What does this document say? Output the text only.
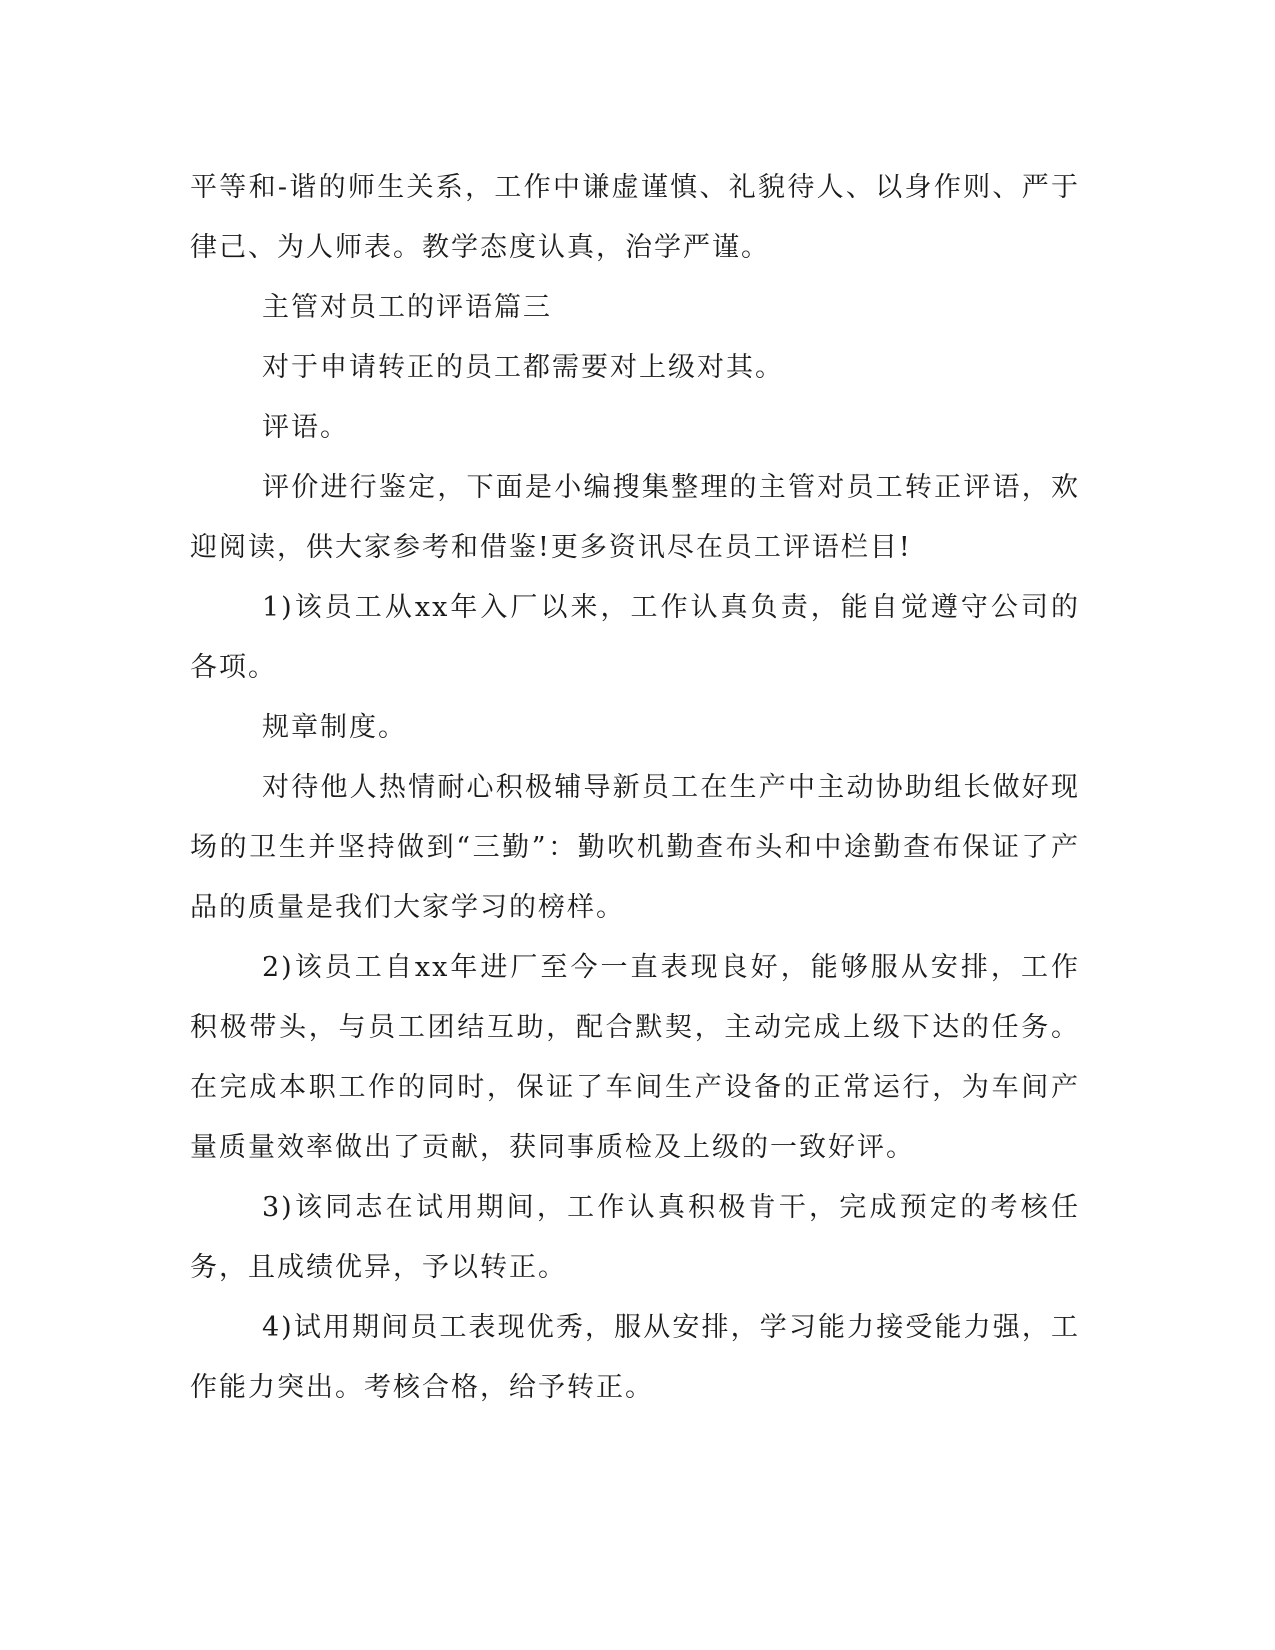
平等和-谐的师生关系，工作中谦虚谨慎、礼貌待人、以身作则、严于律己、为人师表。教学态度认真，治学严谨。

主管对员工的评语篇三

对于申请转正的员工都需要对上级对其。

评语。

评价进行鉴定，下面是小编搜集整理的主管对员工转正评语，欢迎阅读，供大家参考和借鉴!更多资讯尽在员工评语栏目!

1)该员工从xx年入厂以来，工作认真负责，能自觉遵守公司的各项。

规章制度。

对待他人热情耐心积极辅导新员工在生产中主动协助组长做好现场的卫生并坚持做到“三勤”：勤吹机勤查布头和中途勤查布保证了产品的质量是我们大家学习的榜样。

2)该员工自xx年进厂至今一直表现良好，能够服从安排，工作积极带头，与员工团结互助，配合默契，主动完成上级下达的任务。在完成本职工作的同时，保证了车间生产设备的正常运行，为车间产量质量效率做出了贡献，获同事质检及上级的一致好评。

3)该同志在试用期间，工作认真积极肯干，完成预定的考核任务，且成绩优异，予以转正。

4)试用期间员工表现优秀，服从安排，学习能力接受能力强，工作能力突出。考核合格，给予转正。
